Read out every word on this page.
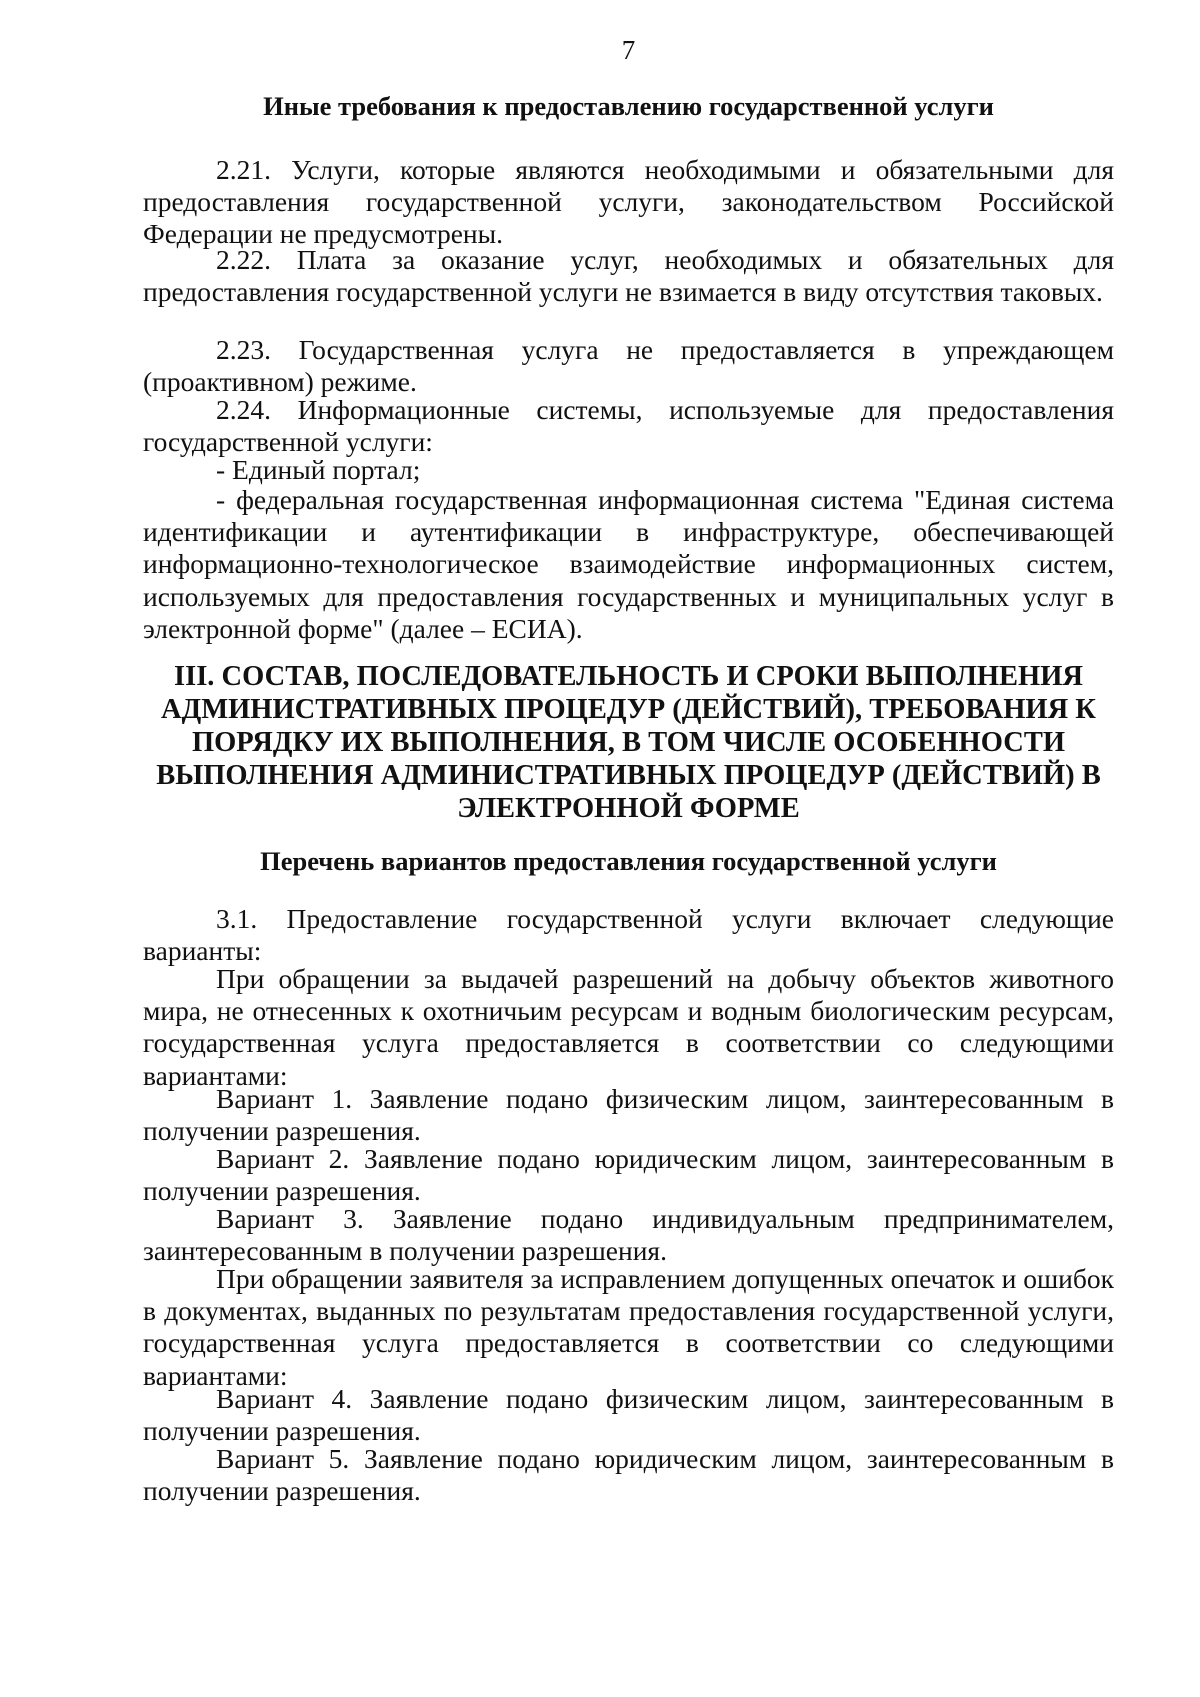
7
Иные требования к предоставлению государственной услуги
2.21. Услуги, которые являются необходимыми и обязательными для предоставления государственной услуги, законодательством Российской Федерации не предусмотрены.
2.22. Плата за оказание услуг, необходимых и обязательных для предоставления государственной услуги не взимается в виду отсутствия таковых.
2.23. Государственная услуга не предоставляется в упреждающем (проактивном) режиме.
2.24. Информационные системы, используемые для предоставления государственной услуги:
- Единый портал;
- федеральная государственная информационная система "Единая система идентификации и аутентификации в инфраструктуре, обеспечивающей информационно-технологическое взаимодействие информационных систем, используемых для предоставления государственных и муниципальных услуг в электронной форме" (далее – ЕСИА).
III. СОСТАВ, ПОСЛЕДОВАТЕЛЬНОСТЬ И СРОКИ ВЫПОЛНЕНИЯ
АДМИНИСТРАТИВНЫХ ПРОЦЕДУР (ДЕЙСТВИЙ), ТРЕБОВАНИЯ К
ПОРЯДКУ ИХ ВЫПОЛНЕНИЯ, В ТОМ ЧИСЛЕ ОСОБЕННОСТИ
ВЫПОЛНЕНИЯ АДМИНИСТРАТИВНЫХ ПРОЦЕДУР (ДЕЙСТВИЙ) В
ЭЛЕКТРОННОЙ ФОРМЕ
Перечень вариантов предоставления государственной услуги
3.1. Предоставление государственной услуги включает следующие варианты:
При обращении за выдачей разрешений на добычу объектов животного мира, не отнесенных к охотничьим ресурсам и водным биологическим ресурсам, государственная услуга предоставляется в соответствии со следующими вариантами:
Вариант 1. Заявление подано физическим лицом, заинтересованным в получении разрешения.
Вариант 2. Заявление подано юридическим лицом, заинтересованным в получении разрешения.
Вариант 3. Заявление подано индивидуальным предпринимателем, заинтересованным в получении разрешения.
При обращении заявителя за исправлением допущенных опечаток и ошибок в документах, выданных по результатам предоставления государственной услуги, государственная услуга предоставляется в соответствии со следующими вариантами:
Вариант 4. Заявление подано физическим лицом, заинтересованным в получении разрешения.
Вариант 5. Заявление подано юридическим лицом, заинтересованным в получении разрешения.
